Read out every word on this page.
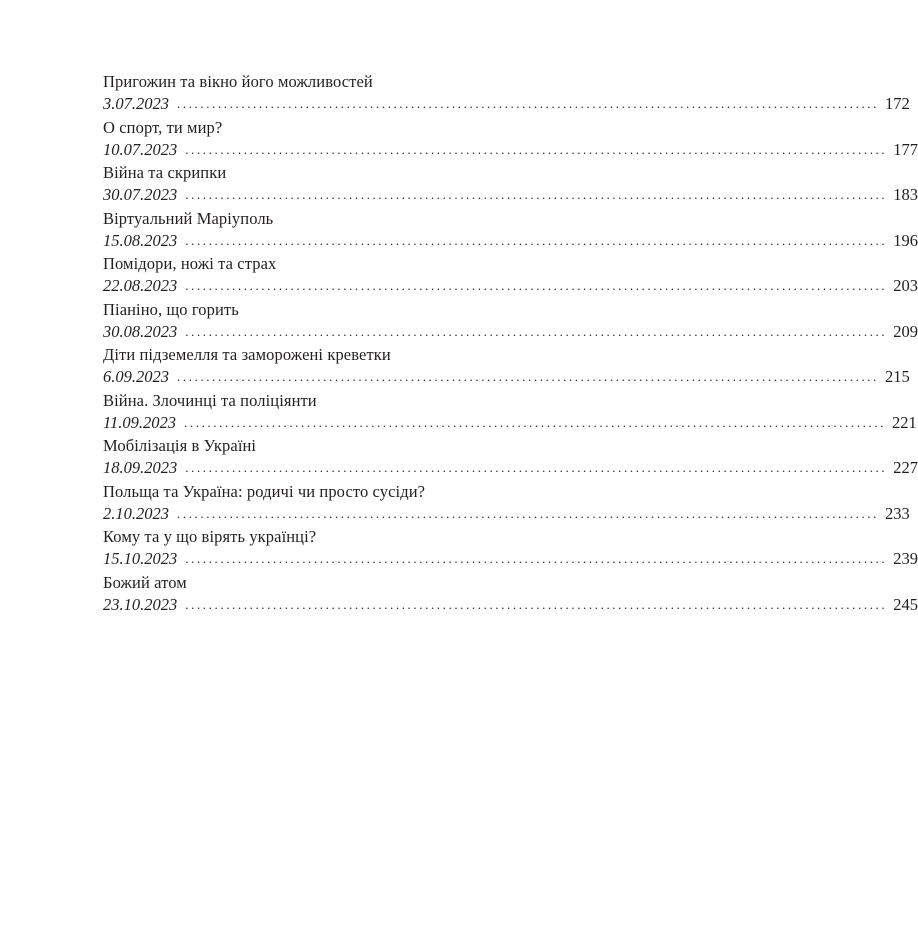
Пригожин та вікно його можливостей
3.07.2023 ........................................................................................................................ 172
О спорт, ти мир?
10.07.2023 ........................................................................................................................ 177
Війна та скрипки
30.07.2023 ........................................................................................................................ 183
Віртуальний Маріуполь
15.08.2023 ........................................................................................................................ 196
Помідори, ножі та страх
22.08.2023 ........................................................................................................................ 203
Піаніно, що горить
30.08.2023 ........................................................................................................................ 209
Діти підземелля та заморожені креветки
6.09.2023 ........................................................................................................................ 215
Війна. Злочинці та поліціянти
11.09.2023 ........................................................................................................................ 221
Мобілізація в Україні
18.09.2023 ........................................................................................................................ 227
Польща та Україна: родичі чи просто сусіди?
2.10.2023 ........................................................................................................................ 233
Кому та у що вірять українці?
15.10.2023 ........................................................................................................................ 239
Божий атом
23.10.2023 ........................................................................................................................ 245
